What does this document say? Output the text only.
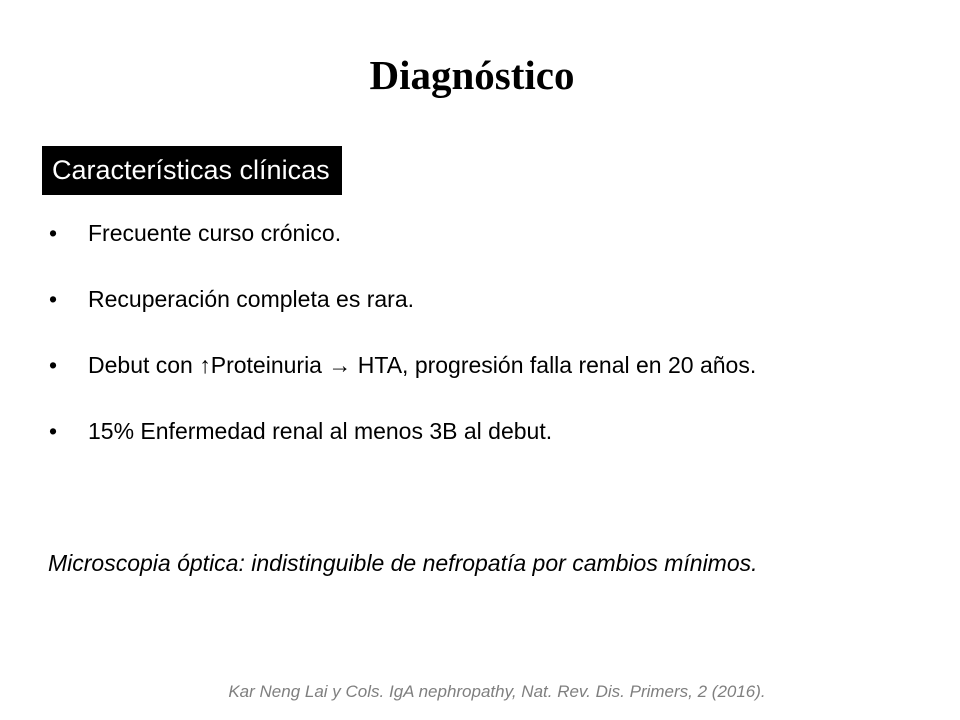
Diagnóstico
Características clínicas
• Frecuente curso crónico.
• Recuperación completa es rara.
• Debut con ↑Proteinuria → HTA, progresión falla renal en 20 años.
• 15% Enfermedad renal al menos 3B al debut.

Microscopia óptica: indistinguible de nefropatía por cambios mínimos.

Kar Neng Lai y Cols. IgA nephropathy, Nat. Rev. Dis. Primers, 2 (2016).
